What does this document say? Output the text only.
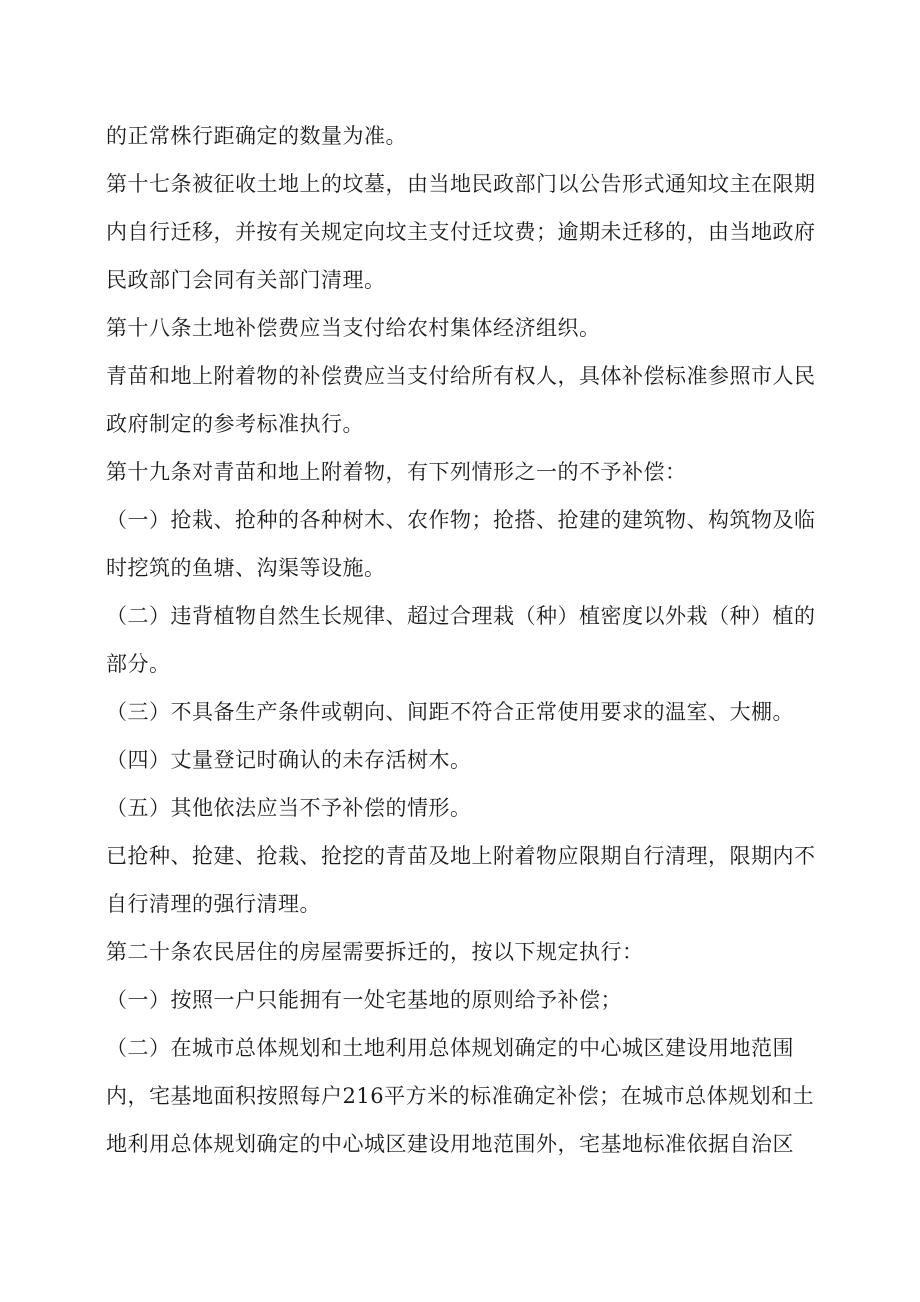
的正常株行距确定的数量为准。

第十七条被征收土地上的坟墓，由当地民政部门以公告形式通知坟主在限期内自行迁移，并按有关规定向坟主支付迁坟费；逾期未迁移的，由当地政府民政部门会同有关部门清理。

第十八条土地补偿费应当支付给农村集体经济组织。

青苗和地上附着物的补偿费应当支付给所有权人，具体补偿标准参照市人民政府制定的参考标准执行。

第十九条对青苗和地上附着物，有下列情形之一的不予补偿：

（一）抢栽、抢种的各种树木、农作物；抢搭、抢建的建筑物、构筑物及临时挖筑的鱼塘、沟渠等设施。

（二）违背植物自然生长规律、超过合理栽（种）植密度以外栽（种）植的部分。

（三）不具备生产条件或朝向、间距不符合正常使用要求的温室、大棚。

（四）丈量登记时确认的未存活树木。

（五）其他依法应当不予补偿的情形。

已抢种、抢建、抢栽、抢挖的青苗及地上附着物应限期自行清理，限期内不自行清理的强行清理。

第二十条农民居住的房屋需要拆迁的，按以下规定执行：

（一）按照一户只能拥有一处宅基地的原则给予补偿；

（二）在城市总体规划和土地利用总体规划确定的中心城区建设用地范围内，宅基地面积按照每户216平方米的标准确定补偿；在城市总体规划和土地利用总体规划确定的中心城区建设用地范围外，宅基地标准依据自治区
